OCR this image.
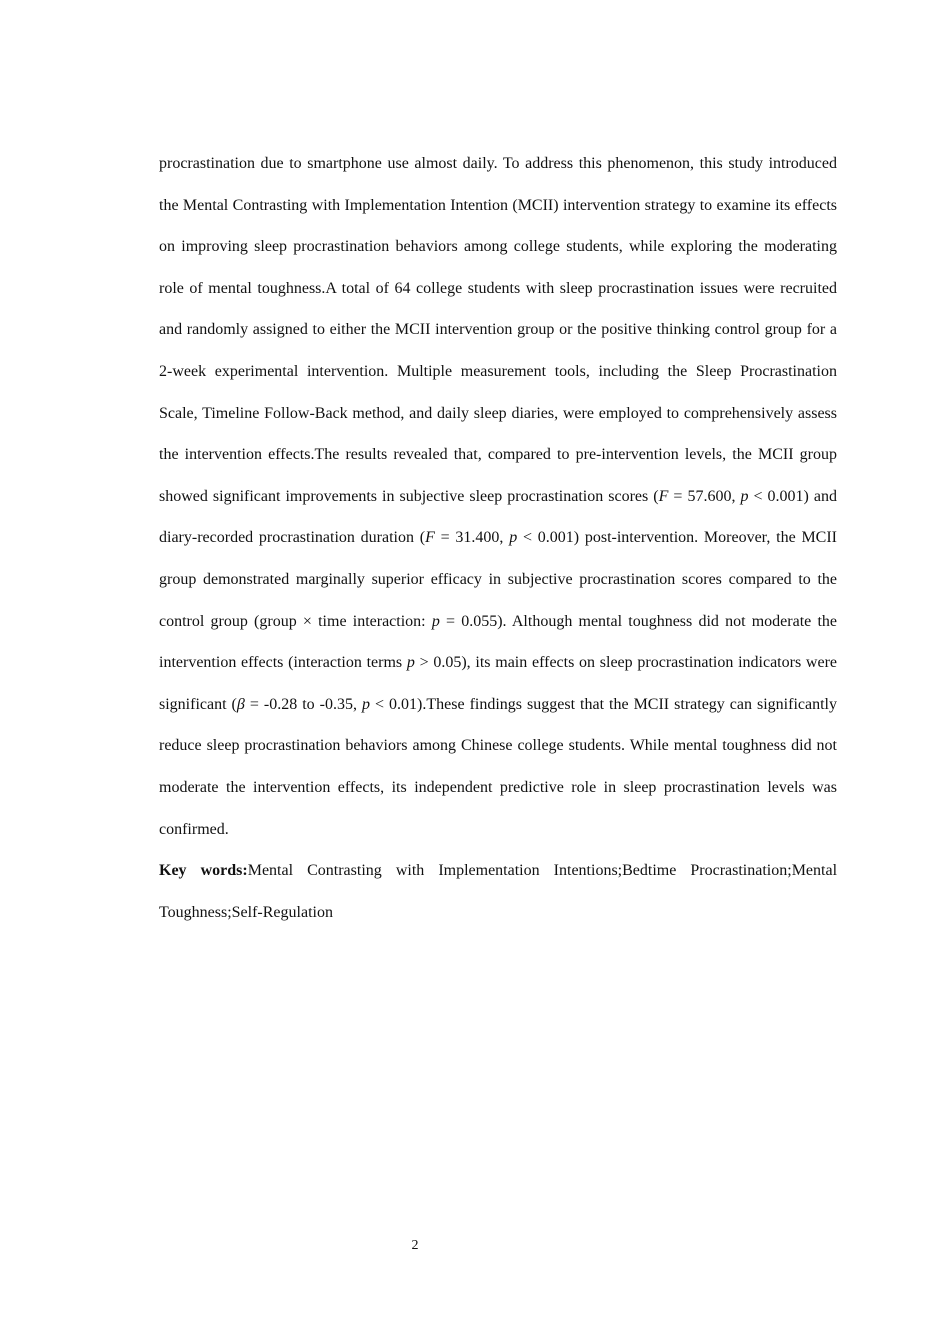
procrastination due to smartphone use almost daily. To address this phenomenon, this study introduced the Mental Contrasting with Implementation Intention (MCII) intervention strategy to examine its effects on improving sleep procrastination behaviors among college students, while exploring the moderating role of mental toughness.A total of 64 college students with sleep procrastination issues were recruited and randomly assigned to either the MCII intervention group or the positive thinking control group for a 2-week experimental intervention. Multiple measurement tools, including the Sleep Procrastination Scale, Timeline Follow-Back method, and daily sleep diaries, were employed to comprehensively assess the intervention effects.The results revealed that, compared to pre-intervention levels, the MCII group showed significant improvements in subjective sleep procrastination scores (F = 57.600, p < 0.001) and diary-recorded procrastination duration (F = 31.400, p < 0.001) post-intervention. Moreover, the MCII group demonstrated marginally superior efficacy in subjective procrastination scores compared to the control group (group × time interaction: p = 0.055). Although mental toughness did not moderate the intervention effects (interaction terms p > 0.05), its main effects on sleep procrastination indicators were significant (β = -0.28 to -0.35, p < 0.01).These findings suggest that the MCII strategy can significantly reduce sleep procrastination behaviors among Chinese college students. While mental toughness did not moderate the intervention effects, its independent predictive role in sleep procrastination levels was confirmed.

Key words:Mental Contrasting with Implementation Intentions;Bedtime Procrastination;Mental Toughness;Self-Regulation

2
